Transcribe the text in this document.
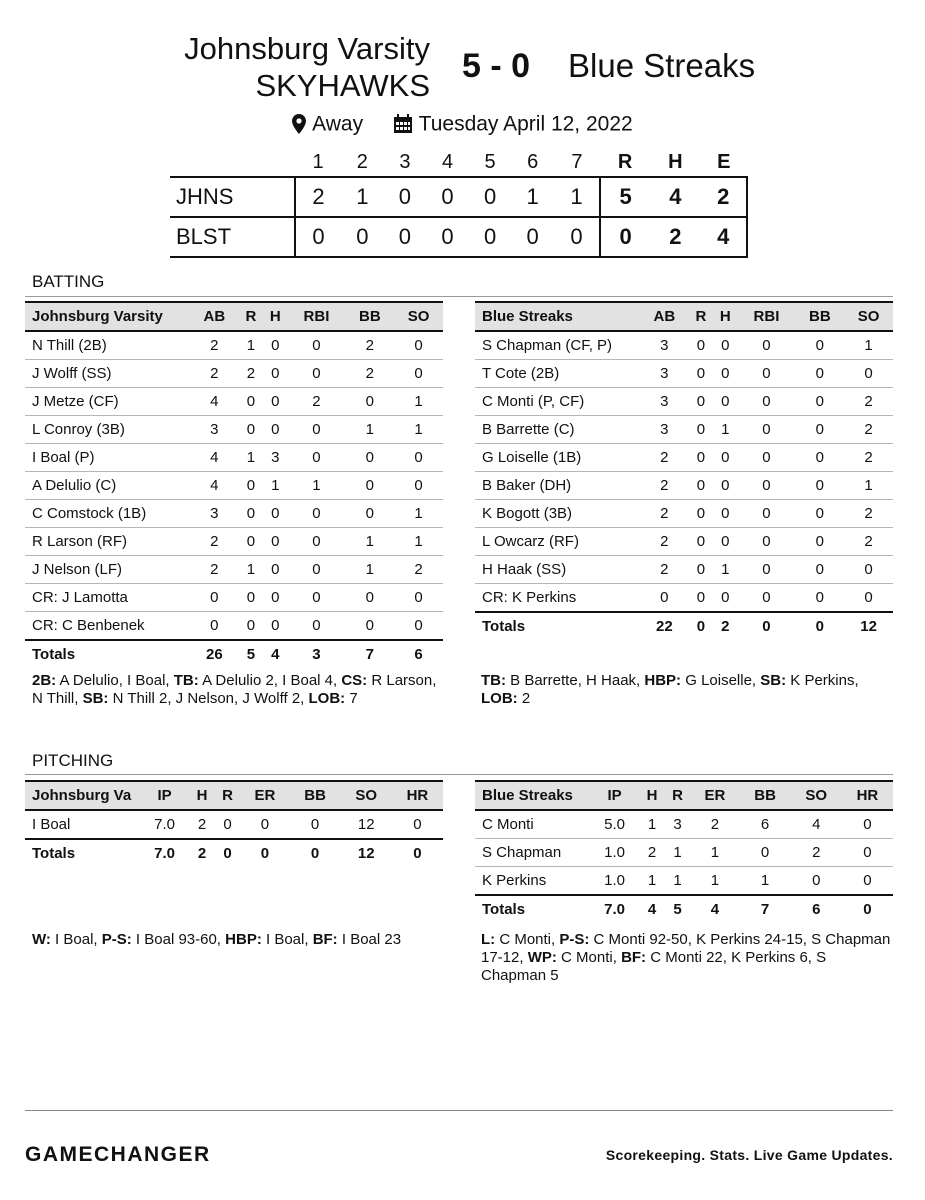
Johnsburg Varsity
SKYHAWKS
5 - 0 Blue Streaks
Away	Tuesday April 12, 2022
	1	2	3	4	5	6	7	R	H	E
JHNS	2	1	0	0	0	1	1	5	4	2
BLST	0	0	0	0	0	0	0	0	2	4
BATTING
Johnsburg Varsity	AB	R	H	RBI	BB	SO
N Thill (2B)	2	1	0	0	2	0
J Wolff (SS)	2	2	0	0	2	0
J Metze (CF)	4	0	0	2	0	1
L Conroy (3B)	3	0	0	0	1	1
I Boal (P)	4	1	3	0	0	0
A Delulio (C)	4	0	1	1	0	0
C Comstock (1B)	3	0	0	0	0	1
R Larson (RF)	2	0	0	0	1	1
J Nelson (LF)	2	1	0	0	1	2
CR: J Lamotta	0	0	0	0	0	0
CR: C Benbenek	0	0	0	0	0	0
Totals	26	5	4	3	7	6
Blue Streaks	AB	R	H	RBI	BB	SO
S Chapman (CF, P)	3	0	0	0	0	1
T Cote (2B)	3	0	0	0	0	0
C Monti (P, CF)	3	0	0	0	0	2
B Barrette (C)	3	0	1	0	0	2
G Loiselle (1B)	2	0	0	0	0	2
B Baker (DH)	2	0	0	0	0	1
K Bogott (3B)	2	0	0	0	0	2
L Owcarz (RF)	2	0	0	0	0	2
H Haak (SS)	2	0	1	0	0	0
CR: K Perkins	0	0	0	0	0	0
Totals	22	0	2	0	0	12
2B: A Delulio, I Boal, TB: A Delulio 2, I Boal 4, CS: R Larson, N Thill, SB: N Thill 2, J Nelson, J Wolff 2, LOB: 7
TB: B Barrette, H Haak, HBP: G Loiselle, SB: K Perkins, LOB: 2
PITCHING
Johnsburg Va	IP	H	R	ER	BB	SO	HR
I Boal	7.0	2	0	0	0	12	0
Totals	7.0	2	0	0	0	12	0
Blue Streaks	IP	H	R	ER	BB	SO	HR
C Monti	5.0	1	3	2	6	4	0
S Chapman	1.0	2	1	1	0	2	0
K Perkins	1.0	1	1	1	1	0	0
Totals	7.0	4	5	4	7	6	0
W: I Boal, P-S: I Boal 93-60, HBP: I Boal, BF: I Boal 23	L: C Monti, P-S: C Monti 92-50, K Perkins 24-15, S Chapman 17-12, WP: C Monti, BF: C Monti 22, K Perkins 6, S Chapman 5
GAMECHANGER	Scorekeeping. Stats. Live Game Updates.
